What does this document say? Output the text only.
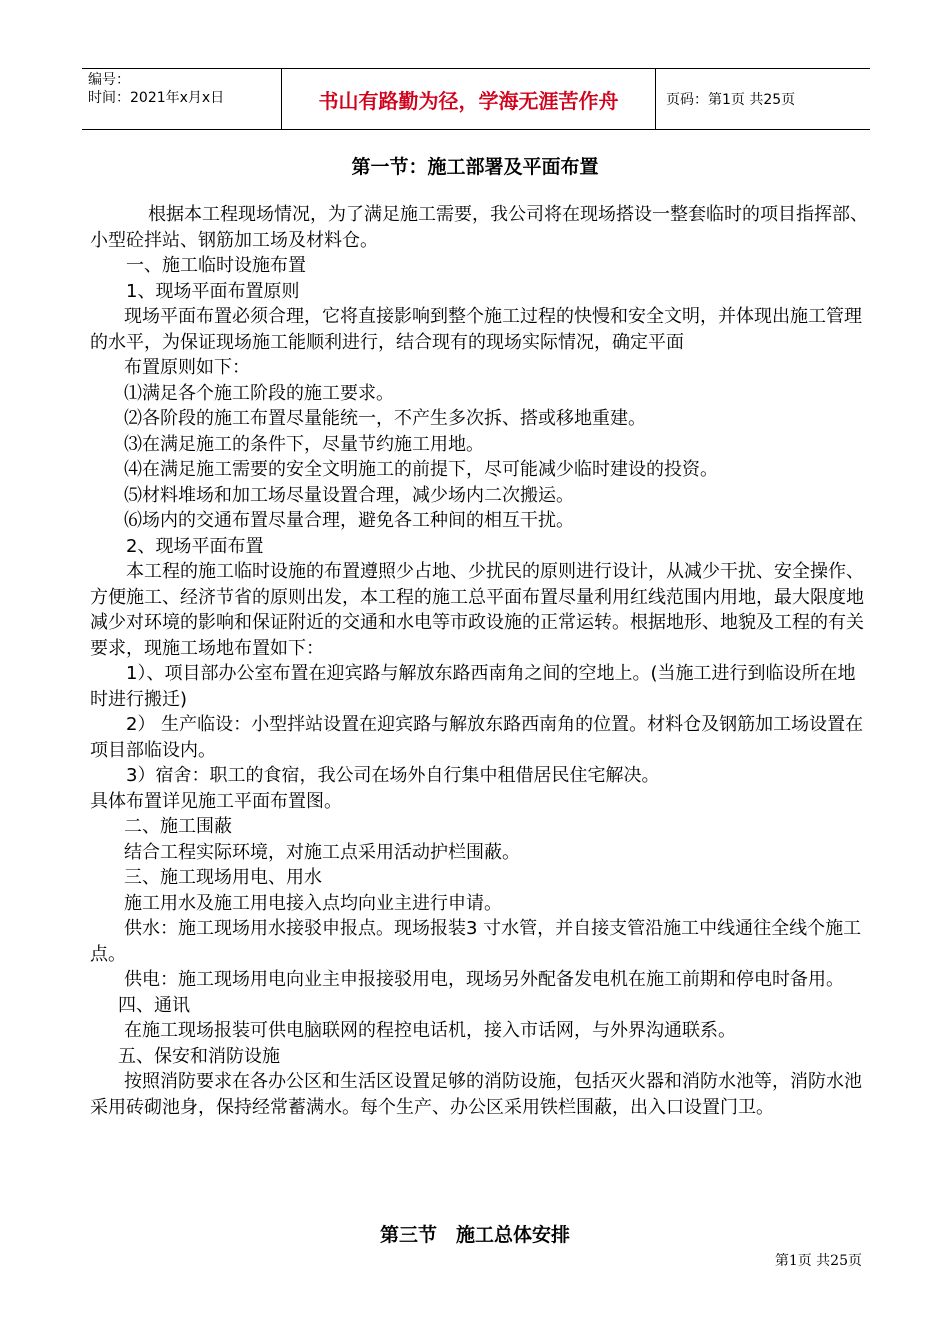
编号：
时间：2021年x月x日	书山有路勤为径，学海无涯苦作舟	页码：第1页 共25页
第一节：施工部署及平面布置

根据本工程现场情况，为了满足施工需要，我公司将在现场搭设一整套临时的项目指挥部、小型砼拌站、钢筋加工场及材料仓。

一、施工临时设施布置

1、现场平面布置原则

现场平面布置必须合理，它将直接影响到整个施工过程的快慢和安全文明，并体现出施工管理的水平，为保证现场施工能顺利进行，结合现有的现场实际情况，确定平面

布置原则如下：

⑴满足各个施工阶段的施工要求。

⑵各阶段的施工布置尽量能统一，不产生多次拆、搭或移地重建。

⑶在满足施工的条件下，尽量节约施工用地。

⑷在满足施工需要的安全文明施工的前提下，尽可能减少临时建设的投资。

⑸材料堆场和加工场尽量设置合理，减少场内二次搬运。

⑹场内的交通布置尽量合理，避免各工种间的相互干扰。

2、现场平面布置

本工程的施工临时设施的布置遵照少占地、少扰民的原则进行设计，从减少干扰、安全操作、方便施工、经济节省的原则出发，本工程的施工总平面布置尽量利用红线范围内用地，最大限度地减少对环境的影响和保证附近的交通和水电等市政设施的正常运转。根据地形、地貌及工程的有关要求，现施工场地布置如下：

1）、项目部办公室布置在迎宾路与解放东路西南角之间的空地上。(当施工进行到临设所在地时进行搬迁)

2） 生产临设：小型拌站设置在迎宾路与解放东路西南角的位置。材料仓及钢筋加工场设置在项目部临设内。

3）宿舍：职工的食宿，我公司在场外自行集中租借居民住宅解决。

具体布置详见施工平面布置图。

二、施工围蔽

结合工程实际环境，对施工点采用活动护栏围蔽。

三、施工现场用电、用水

施工用水及施工用电接入点均向业主进行申请。

供水：施工现场用水接驳申报点。现场报装3 寸水管，并自接支管沿施工中线通往全线个施工点。

供电：施工现场用电向业主申报接驳用电，现场另外配备发电机在施工前期和停电时备用。

四、通讯

在施工现场报装可供电脑联网的程控电话机，接入市话网，与外界沟通联系。

五、保安和消防设施

按照消防要求在各办公区和生活区设置足够的消防设施，包括灭火器和消防水池等，消防水池采用砖砌池身，保持经常蓄满水。每个生产、办公区采用铁栏围蔽，出入口设置门卫。

第三节　施工总体安排
第1页 共25页
